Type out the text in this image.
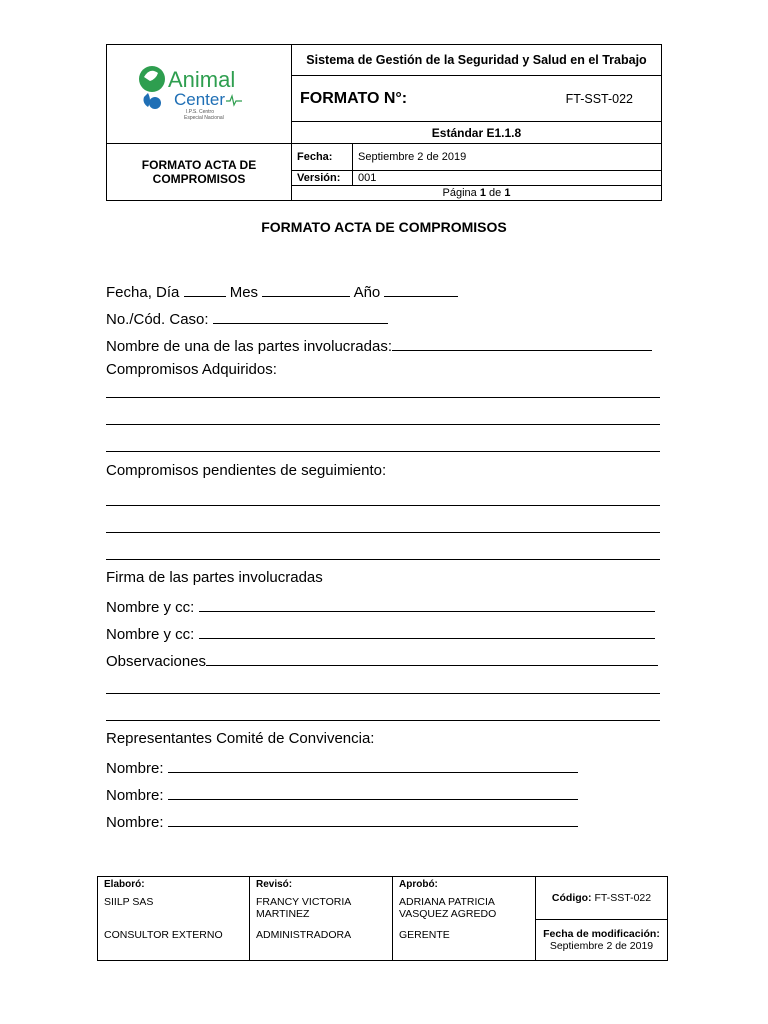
Animal
Center
I.P.S. Centro
Especial Nacional	Sistema de Gestión de la Seguridad y Salud en el Trabajo	

	FORMATO N°: FT-SST-022	

	Estándar E1.1.8	
FORMATO ACTA DE COMPROMISOS	Fecha:	Septiembre 2 de 2019
	Versión:	001
	Página 1 de 1	
FORMATO ACTA DE COMPROMISOS
Fecha, Día	Mes	Año
No./Cód. Caso:
Nombre de una de las partes involucradas:
Compromisos Adquiridos:
Compromisos pendientes de seguimiento:
Firma de las partes involucradas
Nombre y cc:
Nombre y cc:
Observaciones
Representantes Comité de Convivencia:
Nombre:
Nombre:
Nombre:
Elaboró:
SIILP SAS
CONSULTOR EXTERNO

Revisó:
FRANCY VICTORIA MARTINEZ
ADMINISTRADORA

Aprobó:
ADRIANA PATRICIA VASQUEZ AGREDO
GERENTE
	Código: FT-SST-022
Fecha de modificación:
Septiembre 2 de 2019
